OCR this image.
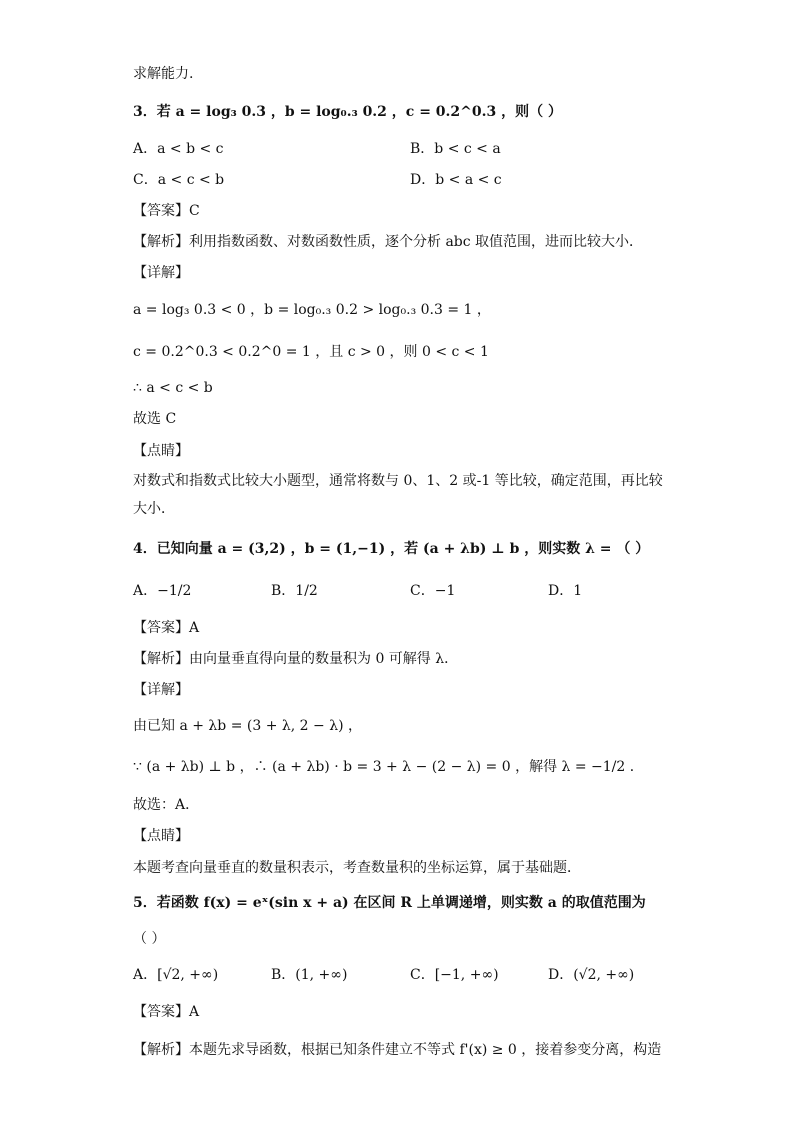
求解能力.
3．若 a = log₃ 0.3 ，b = log₀.₃ 0.2 ，c = 0.2^0.3 ，则（ ）
A．a < b < c	B．b < c < a
C．a < c < b	D．b < a < c
【答案】C
【解析】利用指数函数、对数函数性质，逐个分析 abc 取值范围，进而比较大小．
【详解】
a = log₃ 0.3 < 0 ，b = log₀.₃ 0.2 > log₀.₃ 0.3 = 1 ，
c = 0.2^0.3 < 0.2^0 = 1 ，且 c > 0 ，则 0 < c < 1
∴ a < c < b
故选 C
【点睛】
对数式和指数式比较大小题型，通常将数与 0、1、2 或-1 等比较，确定范围，再比较大小．
4．已知向量 a = (3,2) ，b = (1,−1) ，若 (a + λb) ⊥ b ，则实数 λ = （ ）
A．−1/2	B．1/2	C．−1	D．1
【答案】A
【解析】由向量垂直得向量的数量积为 0 可解得 λ．
【详解】
由已知 a + λb = (3 + λ, 2 − λ) ，
∵ (a + λb) ⊥ b ，∴ (a + λb) · b = 3 + λ − (2 − λ) = 0 ，解得 λ = −1/2 ．
故选：A．
【点睛】
本题考查向量垂直的数量积表示，考查数量积的坐标运算，属于基础题．
5．若函数 f(x) = eˣ(sin x + a) 在区间 R 上单调递增，则实数 a 的取值范围为
（ ）
A．[√2, +∞)	B．(1, +∞)	C．[−1, +∞)	D．(√2, +∞)
【答案】A
【解析】本题先求导函数，根据已知条件建立不等式 f'(x) ≥ 0 ，接着参变分离，构造
